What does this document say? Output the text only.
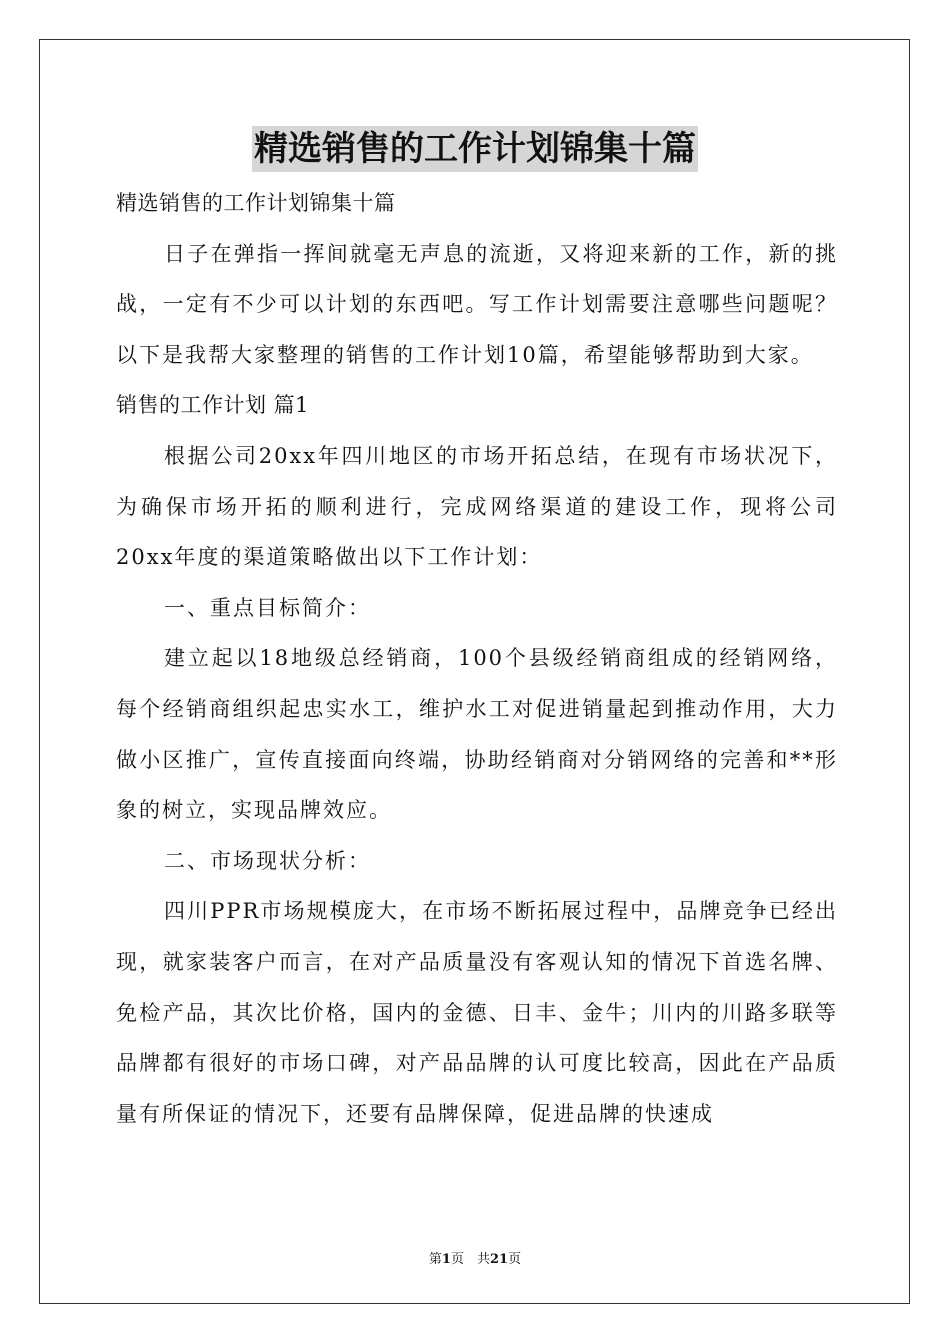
精选销售的工作计划锦集十篇

精选销售的工作计划锦集十篇

日子在弹指一挥间就毫无声息的流逝，又将迎来新的工作，新的挑战，一定有不少可以计划的东西吧。写工作计划需要注意哪些问题呢？以下是我帮大家整理的销售的工作计划10篇，希望能够帮助到大家。

销售的工作计划 篇1

根据公司20xx年四川地区的市场开拓总结，在现有市场状况下，为确保市场开拓的顺利进行，完成网络渠道的建设工作，现将公司20xx年度的渠道策略做出以下工作计划：

一、重点目标简介：

建立起以18地级总经销商，100个县级经销商组成的经销网络，每个经销商组织起忠实水工，维护水工对促进销量起到推动作用，大力做小区推广，宣传直接面向终端，协助经销商对分销网络的完善和**形象的树立，实现品牌效应。

二、市场现状分析：

四川PPR市场规模庞大，在市场不断拓展过程中，品牌竞争已经出现，就家装客户而言，在对产品质量没有客观认知的情况下首选名牌、免检产品，其次比价格，国内的金德、日丰、金牛；川内的川路多联等品牌都有很好的市场口碑，对产品品牌的认可度比较高，因此在产品质量有所保证的情况下，还要有品牌保障，促进品牌的快速成

第1页　共21页
